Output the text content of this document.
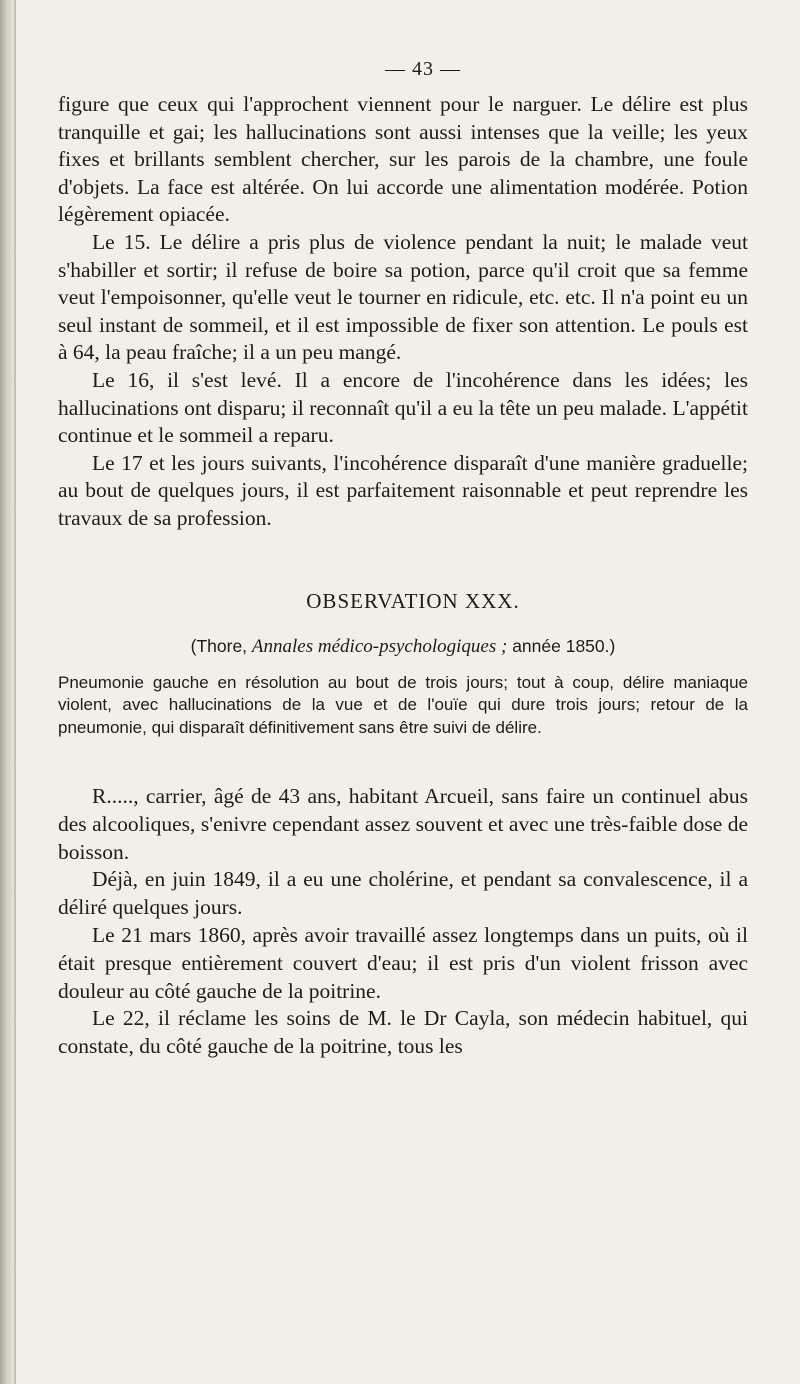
— 43 —

figure que ceux qui l'approchent viennent pour le narguer. Le délire est plus tranquille et gai; les hallucinations sont aussi intenses que la veille; les yeux fixes et brillants semblent chercher, sur les parois de la chambre, une foule d'objets. La face est altérée. On lui accorde une alimentation modérée. Potion légèrement opiacée.

Le 15. Le délire a pris plus de violence pendant la nuit; le malade veut s'habiller et sortir; il refuse de boire sa potion, parce qu'il croit que sa femme veut l'empoisonner, qu'elle veut le tourner en ridicule, etc. etc. Il n'a point eu un seul instant de sommeil, et il est impossible de fixer son attention. Le pouls est à 64, la peau fraîche; il a un peu mangé.

Le 16, il s'est levé. Il a encore de l'incohérence dans les idées; les hallucinations ont disparu; il reconnaît qu'il a eu la tête un peu malade. L'appétit continue et le sommeil a reparu.

Le 17 et les jours suivants, l'incohérence disparaît d'une manière graduelle; au bout de quelques jours, il est parfaitement raisonnable et peut reprendre les travaux de sa profession.

OBSERVATION XXX.
(Thore, Annales médico-psychologiques ; année 1850.)

Pneumonie gauche en résolution au bout de trois jours; tout à coup, délire maniaque violent, avec hallucinations de la vue et de l'ouïe qui dure trois jours; retour de la pneumonie, qui disparaît définitivement sans être suivi de délire.

R....., carrier, âgé de 43 ans, habitant Arcueil, sans faire un continuel abus des alcooliques, s'enivre cependant assez souvent et avec une très-faible dose de boisson.

Déjà, en juin 1849, il a eu une cholérine, et pendant sa convalescence, il a déliré quelques jours.

Le 21 mars 1860, après avoir travaillé assez longtemps dans un puits, où il était presque entièrement couvert d'eau; il est pris d'un violent frisson avec douleur au côté gauche de la poitrine.

Le 22, il réclame les soins de M. le Dr Cayla, son médecin habituel, qui constate, du côté gauche de la poitrine, tous les
